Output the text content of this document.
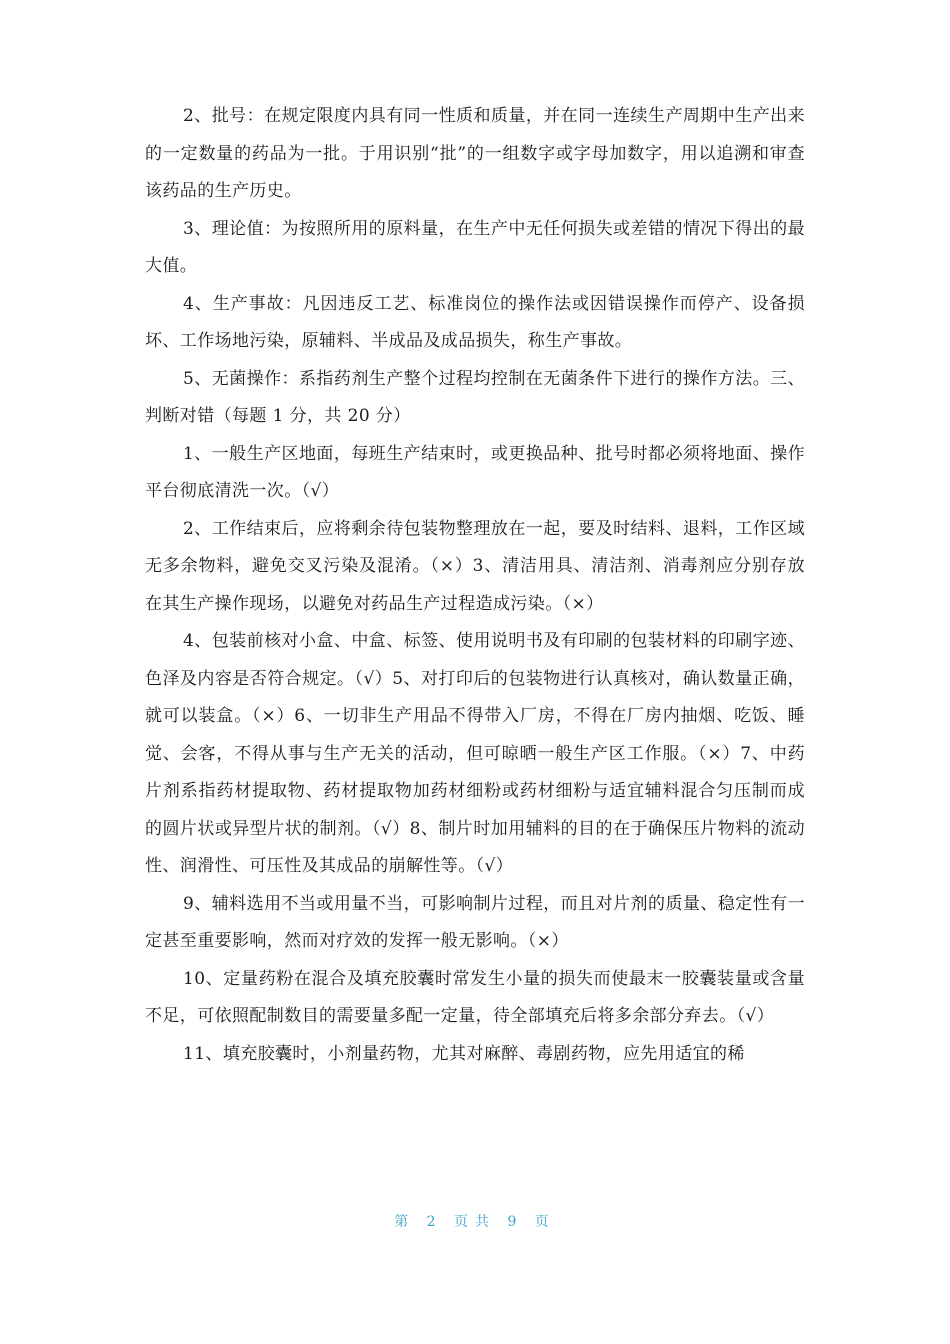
2、批号：在规定限度内具有同一性质和质量，并在同一连续生产周期中生产出来的一定数量的药品为一批。于用识别“批”的一组数字或字母加数字，用以追溯和审查该药品的生产历史。

3、理论值：为按照所用的原料量，在生产中无任何损失或差错的情况下得出的最大值。

4、生产事故：凡因违反工艺、标准岗位的操作法或因错误操作而停产、设备损坏、工作场地污染，原辅料、半成品及成品损失，称生产事故。

5、无菌操作：系指药剂生产整个过程均控制在无菌条件下进行的操作方法。三、判断对错（每题 1 分，共 20 分）

1、一般生产区地面，每班生产结束时，或更换品种、批号时都必须将地面、操作平台彻底清洗一次。（√）

2、工作结束后，应将剩余待包装物整理放在一起，要及时结料、退料，工作区域无多余物料，避免交叉污染及混淆。（×）3、清洁用具、清洁剂、消毒剂应分别存放在其生产操作现场，以避免对药品生产过程造成污染。（×）

4、包装前核对小盒、中盒、标签、使用说明书及有印刷的包装材料的印刷字迹、色泽及内容是否符合规定。（√）5、对打印后的包装物进行认真核对，确认数量正确，就可以装盒。（×）6、一切非生产用品不得带入厂房，不得在厂房内抽烟、吃饭、睡觉、会客，不得从事与生产无关的活动，但可晾晒一般生产区工作服。（×）7、中药片剂系指药材提取物、药材提取物加药材细粉或药材细粉与适宜辅料混合匀压制而成的圆片状或异型片状的制剂。（√）8、制片时加用辅料的目的在于确保压片物料的流动性、润滑性、可压性及其成品的崩解性等。（√）

9、辅料选用不当或用量不当，可影响制片过程，而且对片剂的质量、稳定性有一定甚至重要影响，然而对疗效的发挥一般无影响。（×）

10、定量药粉在混合及填充胶囊时常发生小量的损失而使最末一胶囊装量或含量不足，可依照配制数目的需要量多配一定量，待全部填充后将多余部分弃去。（√）

11、填充胶囊时，小剂量药物，尤其对麻醉、毒剧药物，应先用适宜的稀

第 2 页共 9 页
